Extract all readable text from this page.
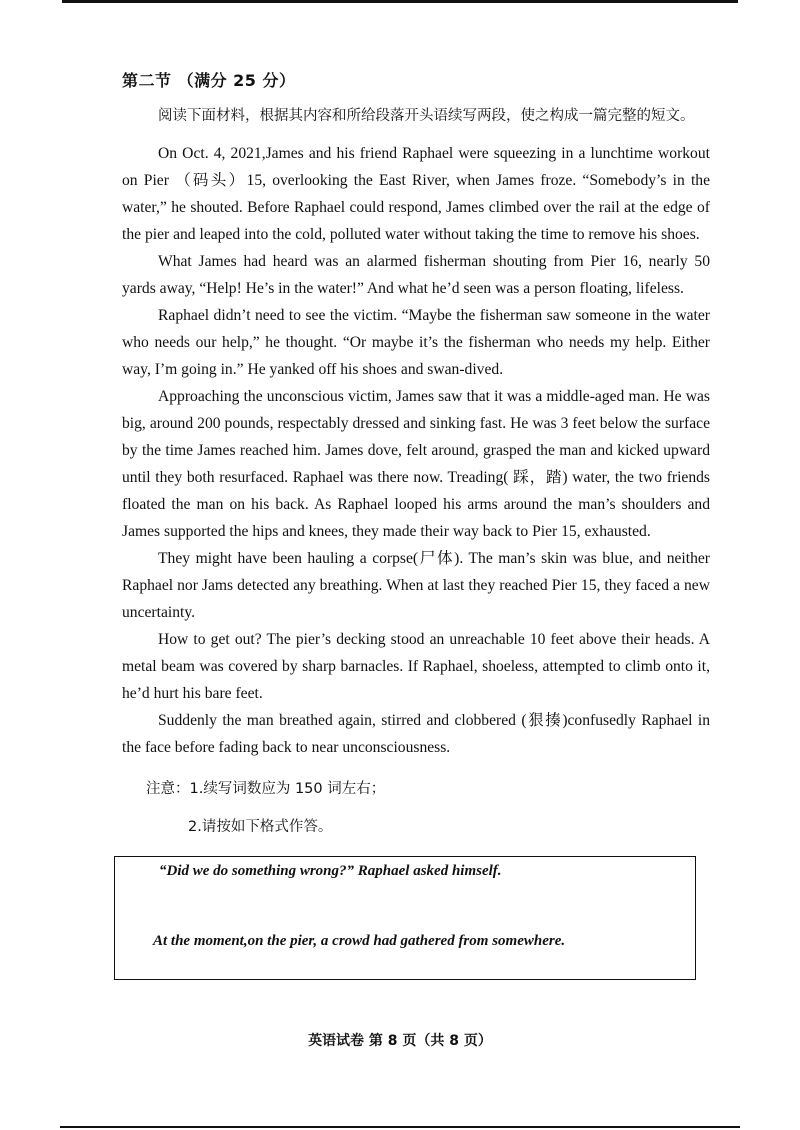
第二节 （满分 25 分）
阅读下面材料，根据其内容和所给段落开头语续写两段，使之构成一篇完整的短文。

On Oct. 4, 2021,James and his friend Raphael were squeezing in a lunchtime workout on Pier （码头）15, overlooking the East River, when James froze. “Somebody’s in the water,” he shouted. Before Raphael could respond, James climbed over the rail at the edge of the pier and leaped into the cold, polluted water without taking the time to remove his shoes.

What James had heard was an alarmed fisherman shouting from Pier 16, nearly 50 yards away, “Help! He’s in the water!” And what he’d seen was a person floating, lifeless.

Raphael didn’t need to see the victim. “Maybe the fisherman saw someone in the water who needs our help,” he thought. “Or maybe it’s the fisherman who needs my help. Either way, I’m going in.” He yanked off his shoes and swan-dived.

Approaching the unconscious victim, James saw that it was a middle-aged man. He was big, around 200 pounds, respectably dressed and sinking fast. He was 3 feet below the surface by the time James reached him. James dove, felt around, grasped the man and kicked upward until they both resurfaced. Raphael was there now. Treading( 踩，踏) water, the two friends floated the man on his back. As Raphael looped his arms around the man’s shoulders and James supported the hips and knees, they made their way back to Pier 15, exhausted.

They might have been hauling a corpse(尸体). The man’s skin was blue, and neither Raphael nor Jams detected any breathing. When at last they reached Pier 15, they faced a new uncertainty.

How to get out? The pier’s decking stood an unreachable 10 feet above their heads. A metal beam was covered by sharp barnacles. If Raphael, shoeless, attempted to climb onto it, he’d hurt his bare feet.

Suddenly the man breathed again, stirred and clobbered (狠揍)confusedly Raphael in the face before fading back to near unconsciousness.

注意：1.续写词数应为 150 词左右；
2.请按如下格式作答。
“Did we do something wrong?” Raphael asked himself.
At the moment,on the pier, a crowd had gathered from somewhere.
英语试卷 第 8 页（共 8 页）
